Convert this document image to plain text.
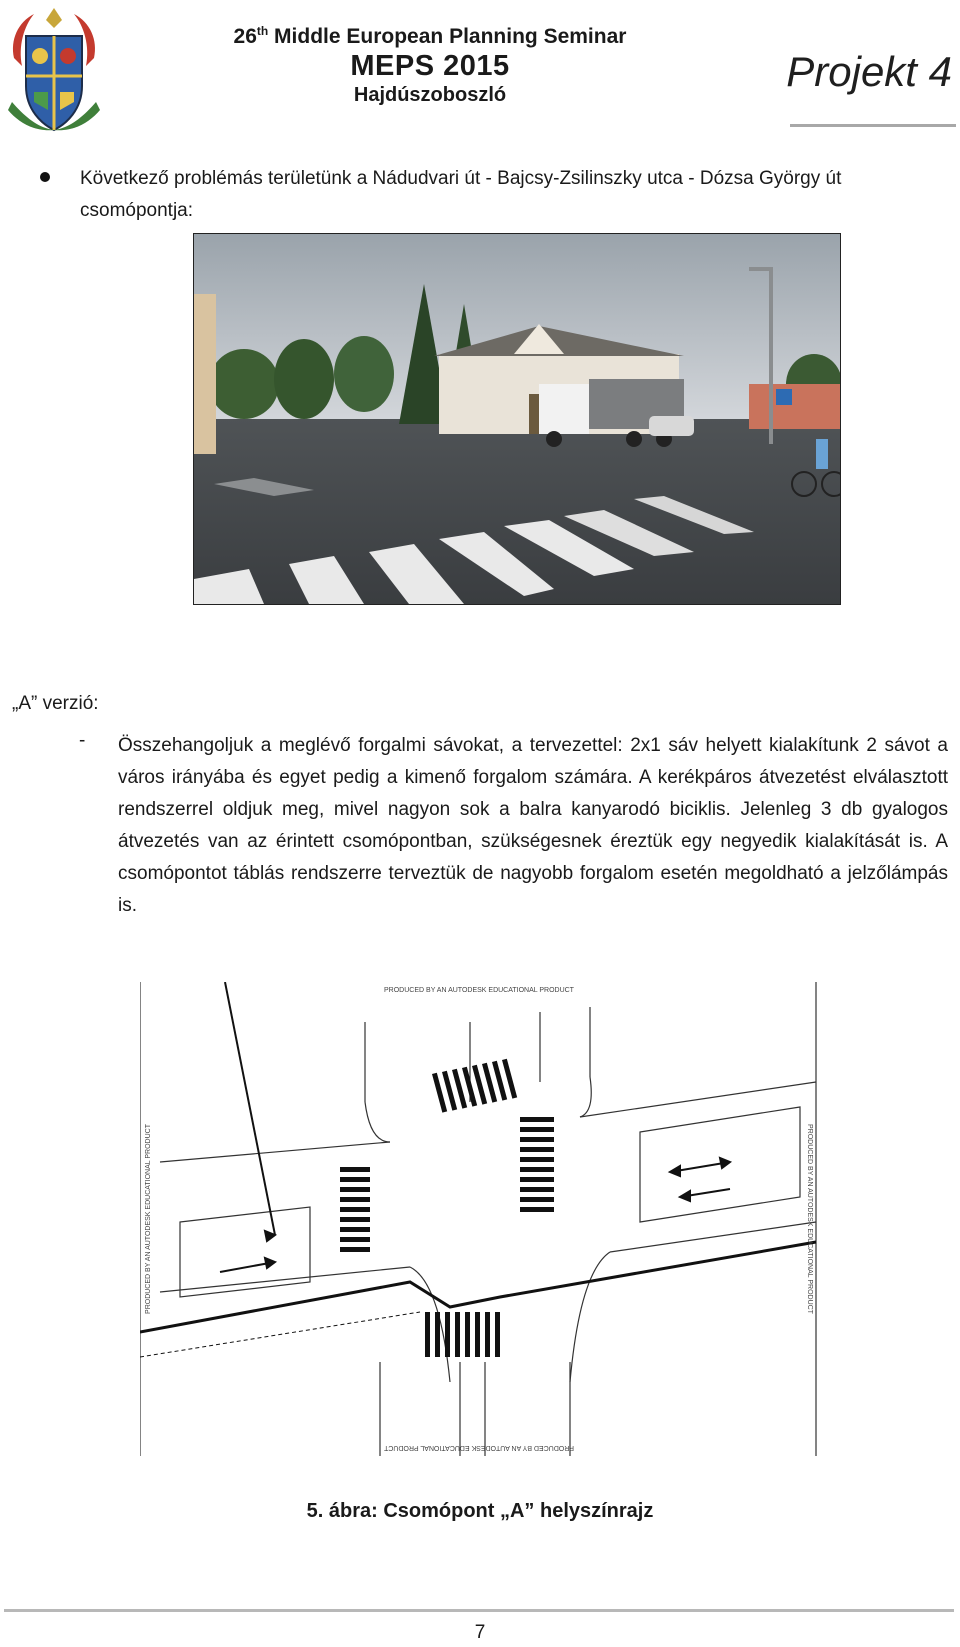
26th Middle European Planning Seminar
MEPS 2015
Hajdúszoboszló	Projekt 4
Következő problémás területünk a Nádudvari út - Bajcsy-Zsilinszky utca - Dózsa György út csomópontja:
„A” verzió:
- Összehangoljuk a meglévő forgalmi sávokat, a tervezettel: 2x1 sáv helyett kialakítunk 2 sávot a város irányába és egyet pedig a kimenő forgalom számára. A kerékpáros átvezetést elválasztott rendszerrel oldjuk meg, mivel nagyon sok a balra kanyarodó biciklis. Jelenleg 3 db gyalogos átvezetés van az érintett csomópontban, szükségesnek éreztük egy negyedik kialakítását is. A csomópontot táblás rendszerre terveztük de nagyobb forgalom esetén megoldható a jelzőlámpás is.
PRODUCED BY AN AUTODESK EDUCATIONAL PRODUCT
PRODUCED BY AN AUTODESK EDUCATIONAL PRODUCT
PRODUCED BY AN AUTODESK EDUCATIONAL PRODUCT	PRODUCED BY AN AUTODESK EDUCATIONAL PRODUCT
5. ábra: Csomópont „A” helyszínrajz
7
